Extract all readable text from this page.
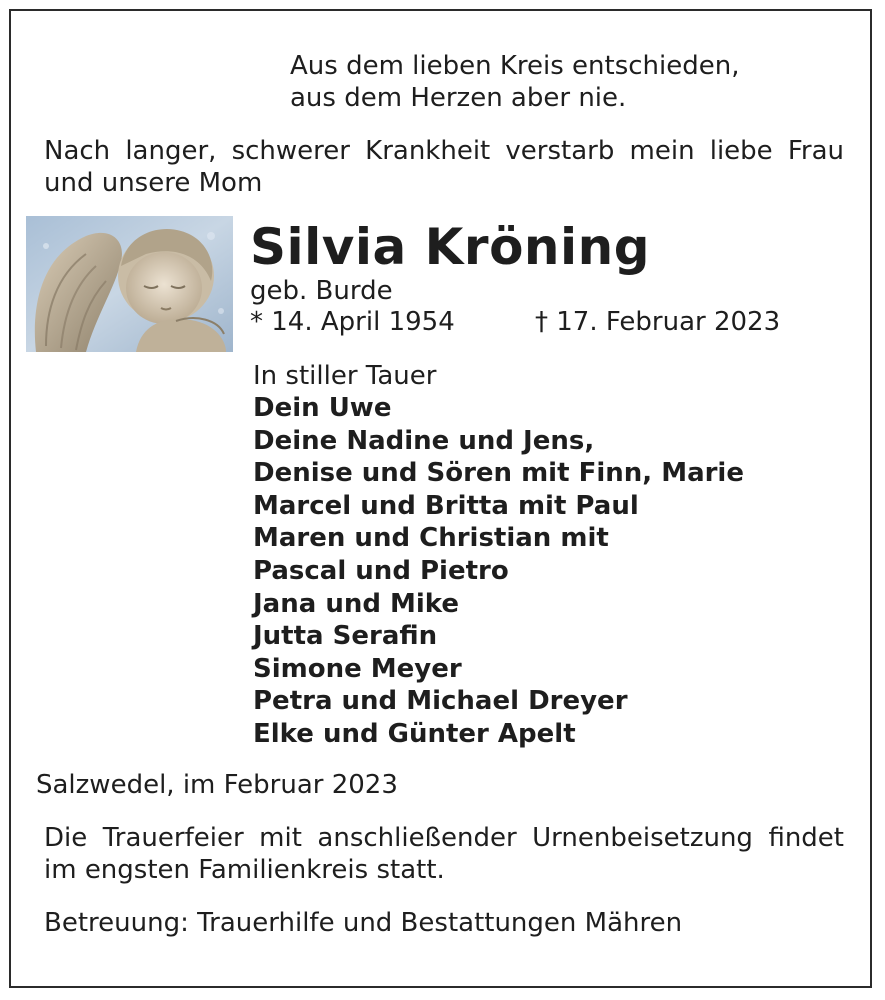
Aus dem lieben Kreis entschieden,
aus dem Herzen aber nie.
Nach langer, schwerer Krankheit verstarb mein liebe Frau und unsere Mom
Silvia Kröning
geb. Burde
* 14. April 1954	† 17. Februar 2023
In stiller Tauer
Dein Uwe
Deine Nadine und Jens,
Denise und Sören mit Finn, Marie
Marcel und Britta mit Paul
Maren und Christian mit
Pascal und Pietro
Jana und Mike
Jutta Serafin
Simone Meyer
Petra und Michael Dreyer
Elke und Günter Apelt
Salzwedel, im Februar 2023
Die Trauerfeier mit anschließender Urnenbeisetzung findet im engsten Familienkreis statt.
Betreuung: Trauerhilfe und Bestattungen Mähren
